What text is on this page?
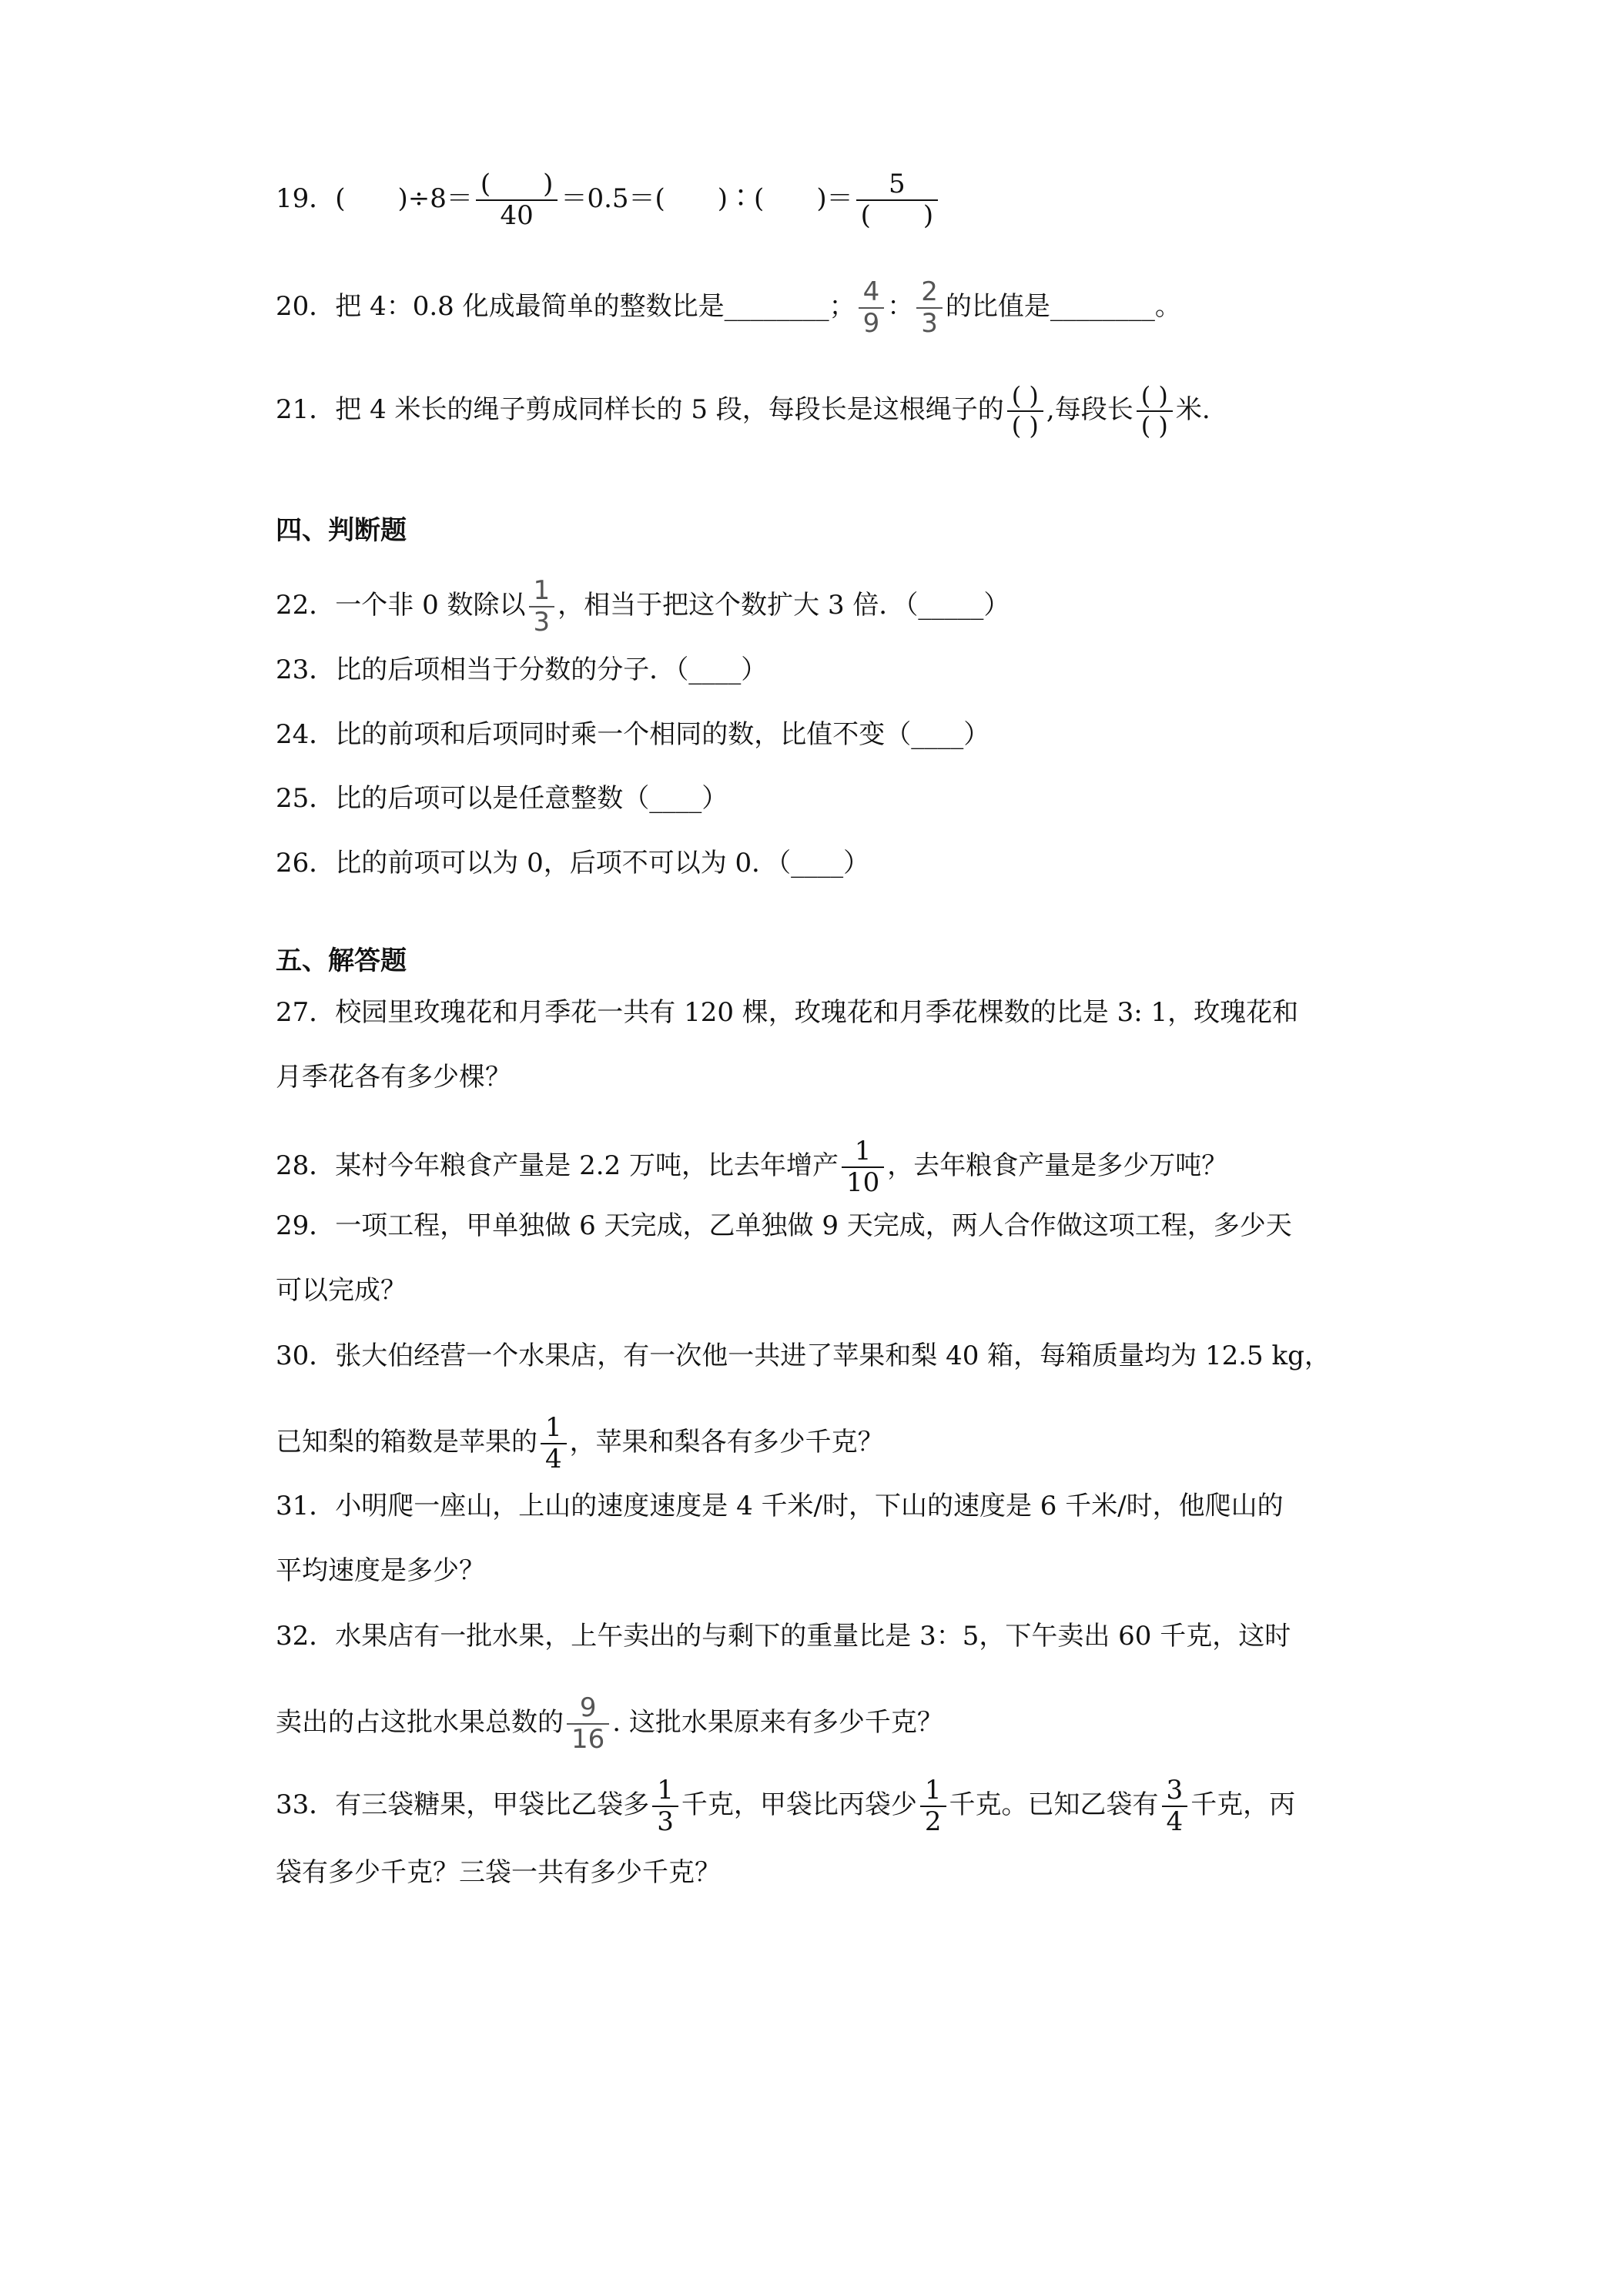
19．(　　)$\div 8= \frac{( )}{40} =0.5=$(　　)∶(　　)＝ $\frac{5}{( )}$
20．把 4：0.8 化成最简单的整数比是________； $\frac{4}{9}$ ： $\frac{2}{3}$ 的比值是________。
21．把 4 米长的绳子剪成同样长的 5 段，每段长是这根绳子的 $\frac{( )}{( )}$ ,每段长 $\frac{( )}{( )}$ 米.
四、判断题
22．一个非 0 数除以 $\frac{1}{3}$ ，相当于把这个数扩大 3 倍．（_____）
23．比的后项相当于分数的分子．（____）
24．比的前项和后项同时乘一个相同的数，比值不变（____）
25．比的后项可以是任意整数（____）
26．比的前项可以为 0，后项不可以为 0．（____）
五、解答题
27．校园里玫瑰花和月季花一共有 120 棵，玫瑰花和月季花棵数的比是 3: 1，玫瑰花和
月季花各有多少棵？
28．某村今年粮食产量是 2.2 万吨，比去年增产 $\frac{1}{10}$ ，去年粮食产量是多少万吨？
29．一项工程，甲单独做 6 天完成，乙单独做 9 天完成，两人合作做这项工程，多少天
可以完成？
30．张大伯经营一个水果店，有一次他一共进了苹果和梨 40 箱，每箱质量均为 12.5 kg，
已知梨的箱数是苹果的 $\frac{1}{4}$ ，苹果和梨各有多少千克？
31．小明爬一座山，上山的速度速度是 4 千米/时，下山的速度是 6 千米/时，他爬山的
平均速度是多少？
32．水果店有一批水果，上午卖出的与剩下的重量比是 3：5，下午卖出 60 千克，这时
卖出的占这批水果总数的 $\frac{9}{16}$ . 这批水果原来有多少千克？
33．有三袋糖果，甲袋比乙袋多 $\frac{1}{3}$ 千克，甲袋比丙袋少 $\frac{1}{2}$ 千克。已知乙袋有 $\frac{3}{4}$ 千克，丙
袋有多少千克？三袋一共有多少千克？
